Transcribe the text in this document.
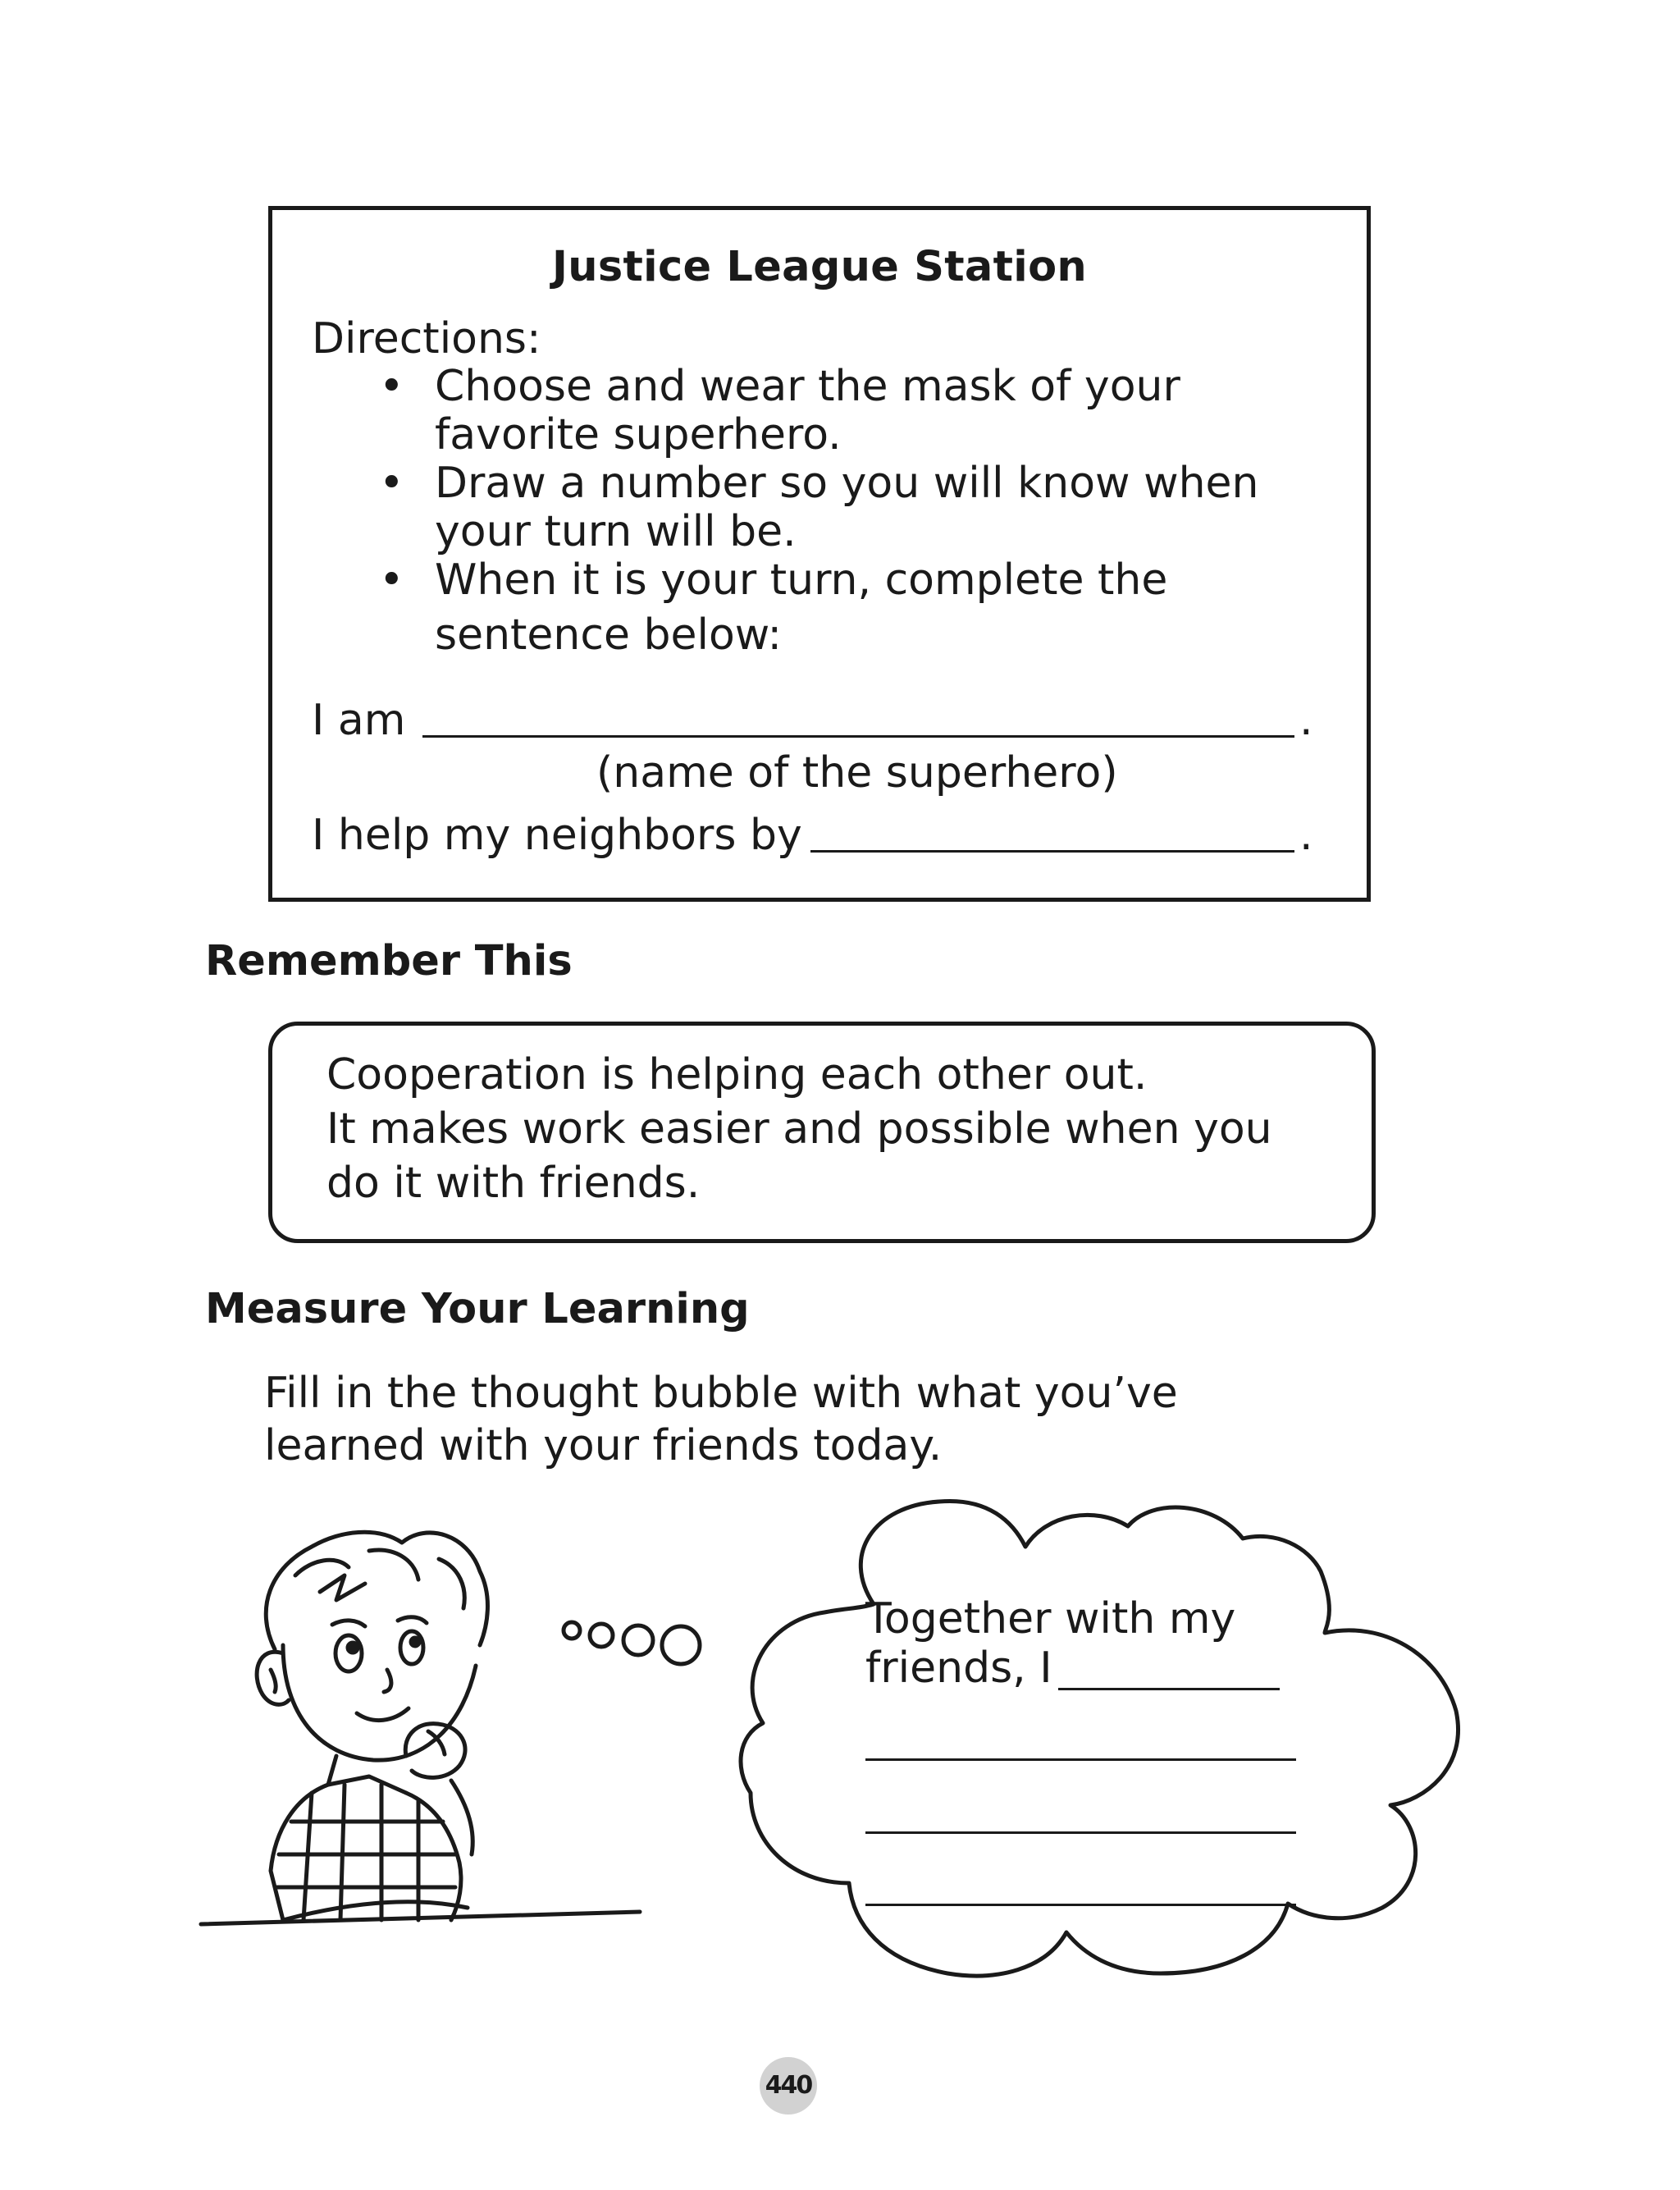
Justice League Station
Directions:
• Choose and wear the mask of your
favorite superhero.
• Draw a number so you will know when
your turn will be.
• When it is your turn, complete the
sentence below:
I am	.
(name of the superhero)
I help my neighbors by	.
Remember This
Cooperation is helping each other out.
It makes work easier and possible when you
do it with friends.
Measure Your Learning
Fill in the thought bubble with what you’ve
learned with your friends today.
Together with my
friends, I
440
